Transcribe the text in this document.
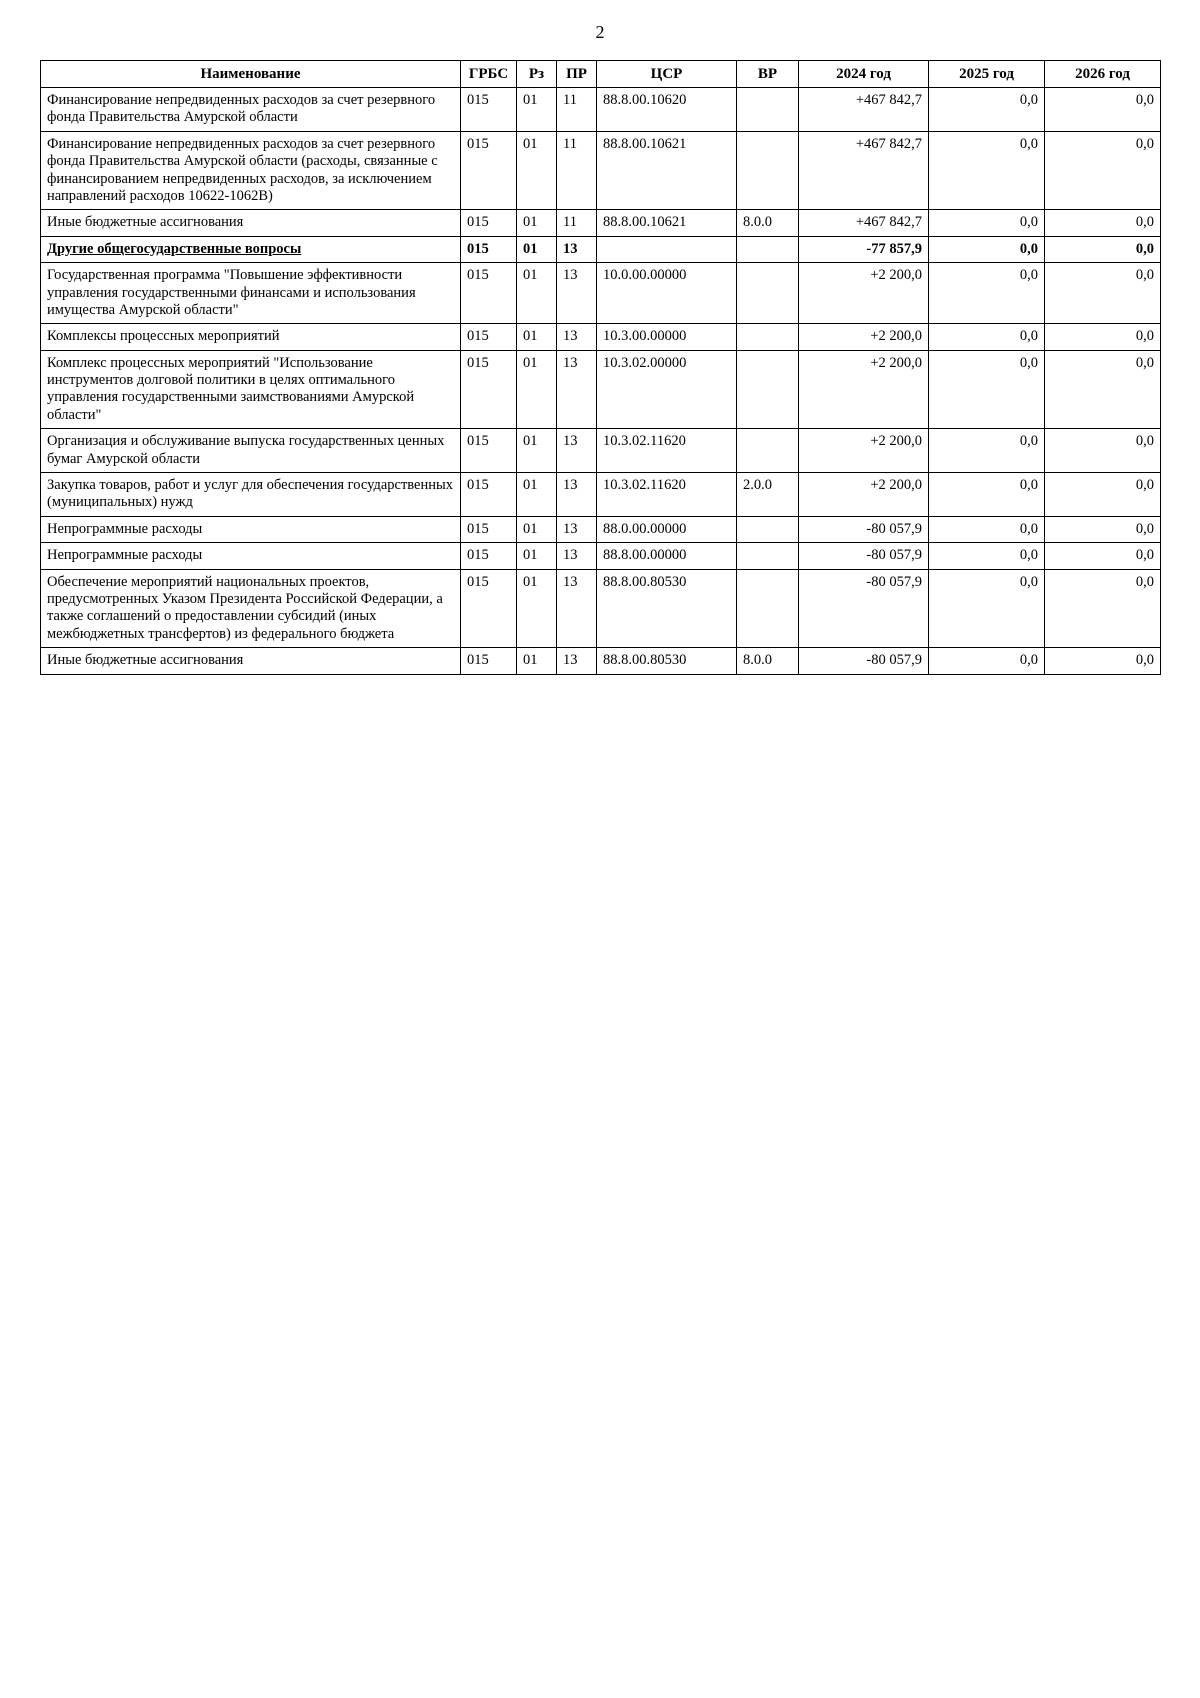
2
Наименование	ГРБС	Рз	ПР	ЦСР	ВР	2024 год	2025 год	2026 год
Финансирование непредвиденных расходов за счет резервного фонда Правительства Амурской области	015	01	11	88.8.00.10620		+467 842,7	0,0	0,0
Финансирование непредвиденных расходов за счет резервного фонда Правительства Амурской области (расходы, связанные с финансированием непредвиденных расходов, за исключением направлений расходов 10622-1062В)	015	01	11	88.8.00.10621		+467 842,7	0,0	0,0
Иные бюджетные ассигнования	015	01	11	88.8.00.10621	8.0.0	+467 842,7	0,0	0,0
Другие общегосударственные вопросы	015	01	13			-77 857,9	0,0	0,0
Государственная программа "Повышение эффективности управления государственными финансами и использования имущества Амурской области"	015	01	13	10.0.00.00000		+2 200,0	0,0	0,0
Комплексы процессных мероприятий	015	01	13	10.3.00.00000		+2 200,0	0,0	0,0
Комплекс процессных мероприятий "Использование инструментов долговой политики в целях оптимального управления государственными заимствованиями Амурской области"	015	01	13	10.3.02.00000		+2 200,0	0,0	0,0
Организация и обслуживание выпуска государственных ценных бумаг Амурской области	015	01	13	10.3.02.11620		+2 200,0	0,0	0,0
Закупка товаров, работ и услуг для обеспечения государственных (муниципальных) нужд	015	01	13	10.3.02.11620	2.0.0	+2 200,0	0,0	0,0
Непрограммные расходы	015	01	13	88.0.00.00000		-80 057,9	0,0	0,0
Непрограммные расходы	015	01	13	88.8.00.00000		-80 057,9	0,0	0,0
Обеспечение мероприятий национальных проектов, предусмотренных Указом Президента Российской Федерации, а также соглашений о предоставлении субсидий (иных межбюджетных трансфертов) из федерального бюджета	015	01	13	88.8.00.80530		-80 057,9	0,0	0,0
Иные бюджетные ассигнования	015	01	13	88.8.00.80530	8.0.0	-80 057,9	0,0	0,0
